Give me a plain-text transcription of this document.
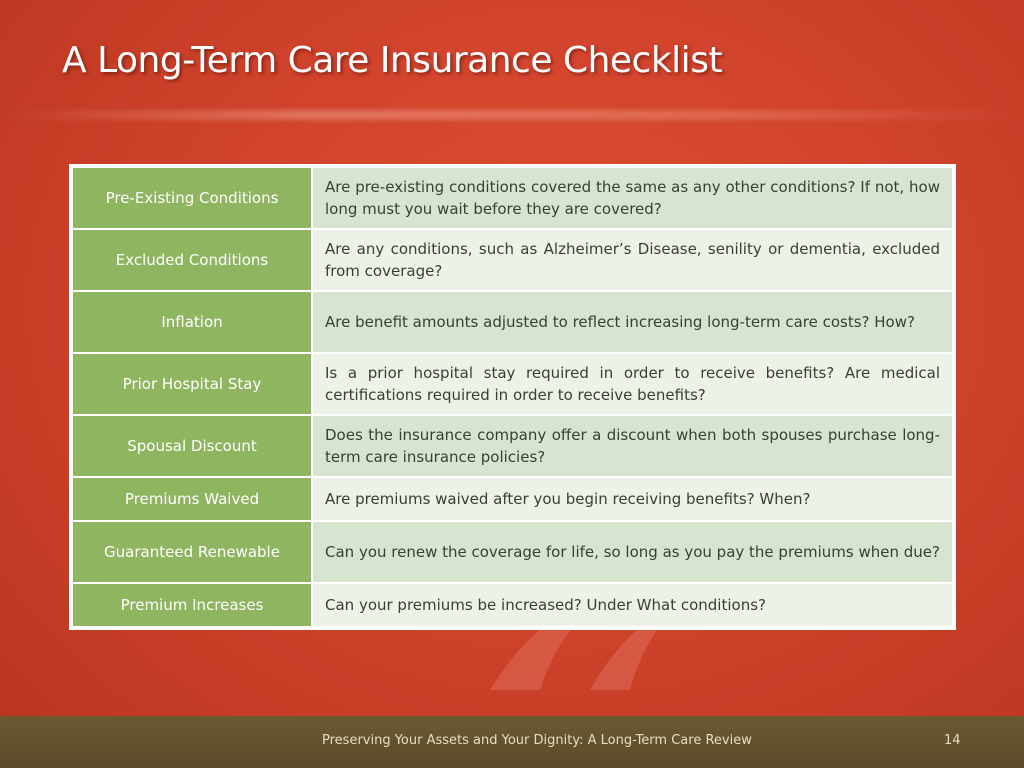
A Long-Term Care Insurance Checklist
Pre-Existing Conditions	Are pre-existing conditions covered the same as any other conditions? If not, how long must you wait before they are covered?
Excluded Conditions	Are any conditions, such as Alzheimer’s Disease, senility or dementia, excluded from coverage?
Inflation	Are benefit amounts adjusted to reflect increasing long-term care costs? How?
Prior Hospital Stay	Is a prior hospital stay required in order to receive benefits? Are medical certifications required in order to receive benefits?
Spousal Discount	Does the insurance company offer a discount when both spouses purchase long-term care insurance policies?
Premiums Waived	Are premiums waived after you begin receiving benefits? When?
Guaranteed Renewable	Can you renew the coverage for life, so long as you pay the premiums when due?
Premium Increases	Can your premiums be increased? Under What conditions?
Preserving Your Assets and Your Dignity: A Long-Term Care Review	14
